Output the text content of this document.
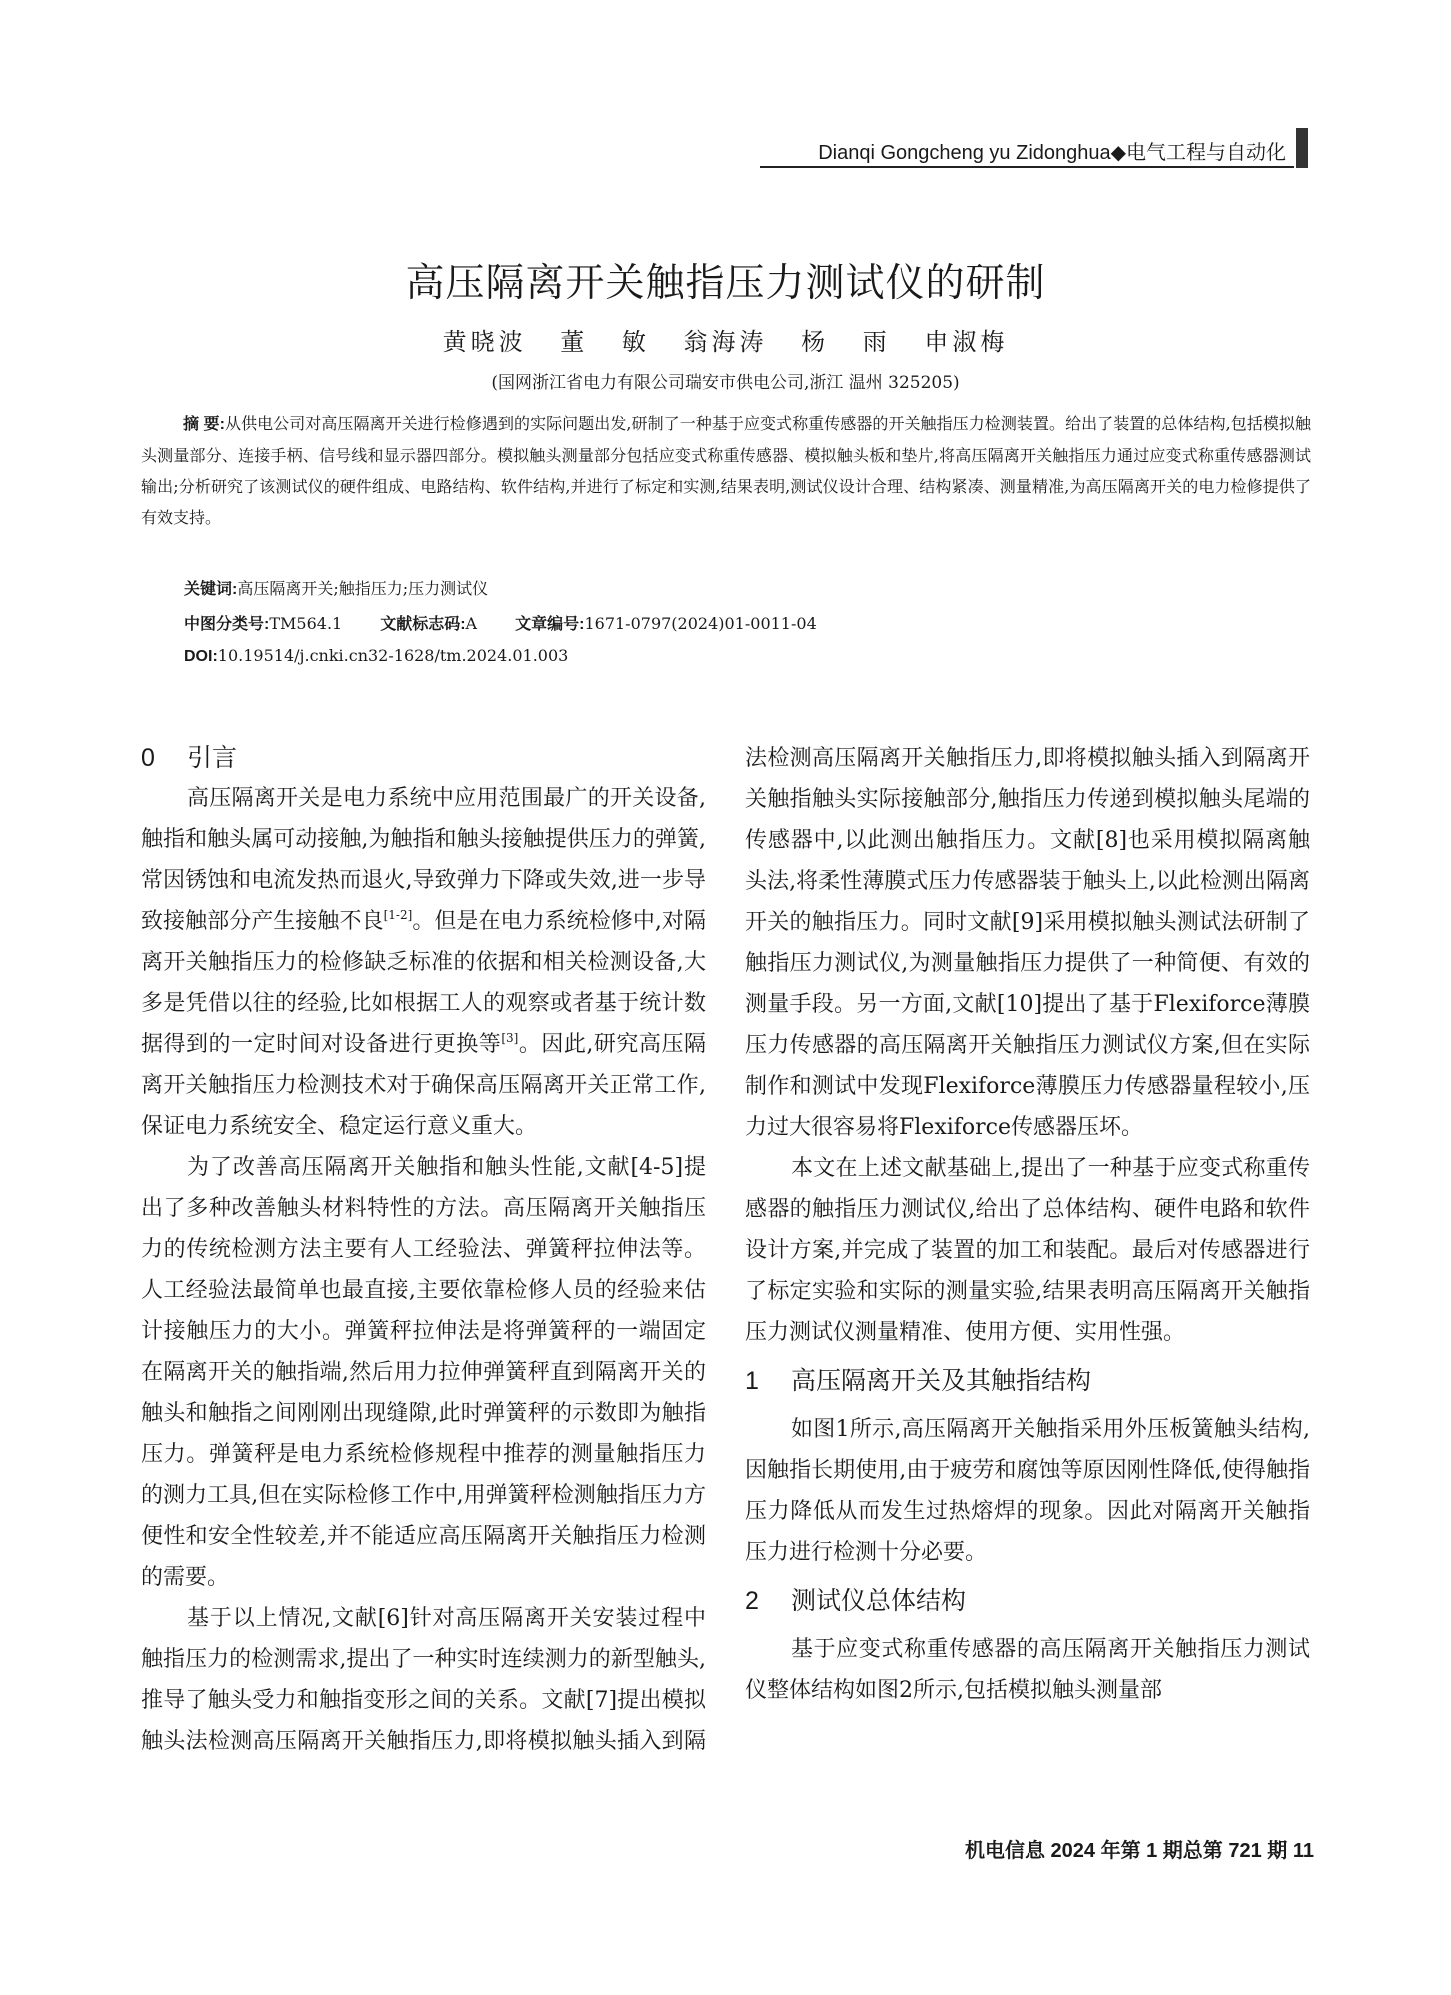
Dianqi Gongcheng yu Zidonghua◆电气工程与自动化
高压隔离开关触指压力测试仪的研制
黄晓波 董 敏 翁海涛 杨 雨 申淑梅
(国网浙江省电力有限公司瑞安市供电公司,浙江 温州 325205)

摘 要:从供电公司对高压隔离开关进行检修遇到的实际问题出发,研制了一种基于应变式称重传感器的开关触指压力检测装置。给出了装置的总体结构,包括模拟触头测量部分、连接手柄、信号线和显示器四部分。模拟触头测量部分包括应变式称重传感器、模拟触头板和垫片,将高压隔离开关触指压力通过应变式称重传感器测试输出;分析研究了该测试仪的硬件组成、电路结构、软件结构,并进行了标定和实测,结果表明,测试仪设计合理、结构紧凑、测量精准,为高压隔离开关的电力检修提供了有效支持。

关键词:高压隔离开关;触指压力;压力测试仪
中图分类号:TM564.1 文献标志码:A 文章编号:1671-0797(2024)01-0011-04
DOI:10.19514/j.cnki.cn32-1628/tm.2024.01.003

0 引言

高压隔离开关是电力系统中应用范围最广的开关设备,触指和触头属可动接触,为触指和触头接触提供压力的弹簧,常因锈蚀和电流发热而退火,导致弹力下降或失效,进一步导致接触部分产生接触不良[1-2]。但是在电力系统检修中,对隔离开关触指压力的检修缺乏标准的依据和相关检测设备,大多是凭借以往的经验,比如根据工人的观察或者基于统计数据得到的一定时间对设备进行更换等[3]。因此,研究高压隔离开关触指压力检测技术对于确保高压隔离开关正常工作,保证电力系统安全、稳定运行意义重大。

为了改善高压隔离开关触指和触头性能,文献[4-5]提出了多种改善触头材料特性的方法。高压隔离开关触指压力的传统检测方法主要有人工经验法、弹簧秤拉伸法等。人工经验法最简单也最直接,主要依靠检修人员的经验来估计接触压力的大小。弹簧秤拉伸法是将弹簧秤的一端固定在隔离开关的触指端,然后用力拉伸弹簧秤直到隔离开关的触头和触指之间刚刚出现缝隙,此时弹簧秤的示数即为触指压力。弹簧秤是电力系统检修规程中推荐的测量触指压力的测力工具,但在实际检修工作中,用弹簧秤检测触指压力方便性和安全性较差,并不能适应高压隔离开关触指压力检测的需要。

基于以上情况,文献[6]针对高压隔离开关安装过程中触指压力的检测需求,提出了一种实时连续测力的新型触头,推导了触头受力和触指变形之间的关系。文献[7]提出模拟触头法检测高压隔离开关触指压力,即将模拟触头插入到隔

法检测高压隔离开关触指压力,即将模拟触头插入到隔离开关触指触头实际接触部分,触指压力传递到模拟触头尾端的传感器中,以此测出触指压力。文献[8]也采用模拟隔离触头法,将柔性薄膜式压力传感器装于触头上,以此检测出隔离开关的触指压力。同时文献[9]采用模拟触头测试法研制了触指压力测试仪,为测量触指压力提供了一种简便、有效的测量手段。另一方面,文献[10]提出了基于Flexiforce薄膜压力传感器的高压隔离开关触指压力测试仪方案,但在实际制作和测试中发现Flexiforce薄膜压力传感器量程较小,压力过大很容易将Flexiforce传感器压坏。

本文在上述文献基础上,提出了一种基于应变式称重传感器的触指压力测试仪,给出了总体结构、硬件电路和软件设计方案,并完成了装置的加工和装配。最后对传感器进行了标定实验和实际的测量实验,结果表明高压隔离开关触指压力测试仪测量精准、使用方便、实用性强。

1 高压隔离开关及其触指结构

如图1所示,高压隔离开关触指采用外压板簧触头结构,因触指长期使用,由于疲劳和腐蚀等原因刚性降低,使得触指压力降低从而发生过热熔焊的现象。因此对隔离开关触指压力进行检测十分必要。

2 测试仪总体结构

基于应变式称重传感器的高压隔离开关触指压力测试仪整体结构如图2所示,包括模拟触头测量部

机电信息 2024 年第 1 期总第 721 期 11
